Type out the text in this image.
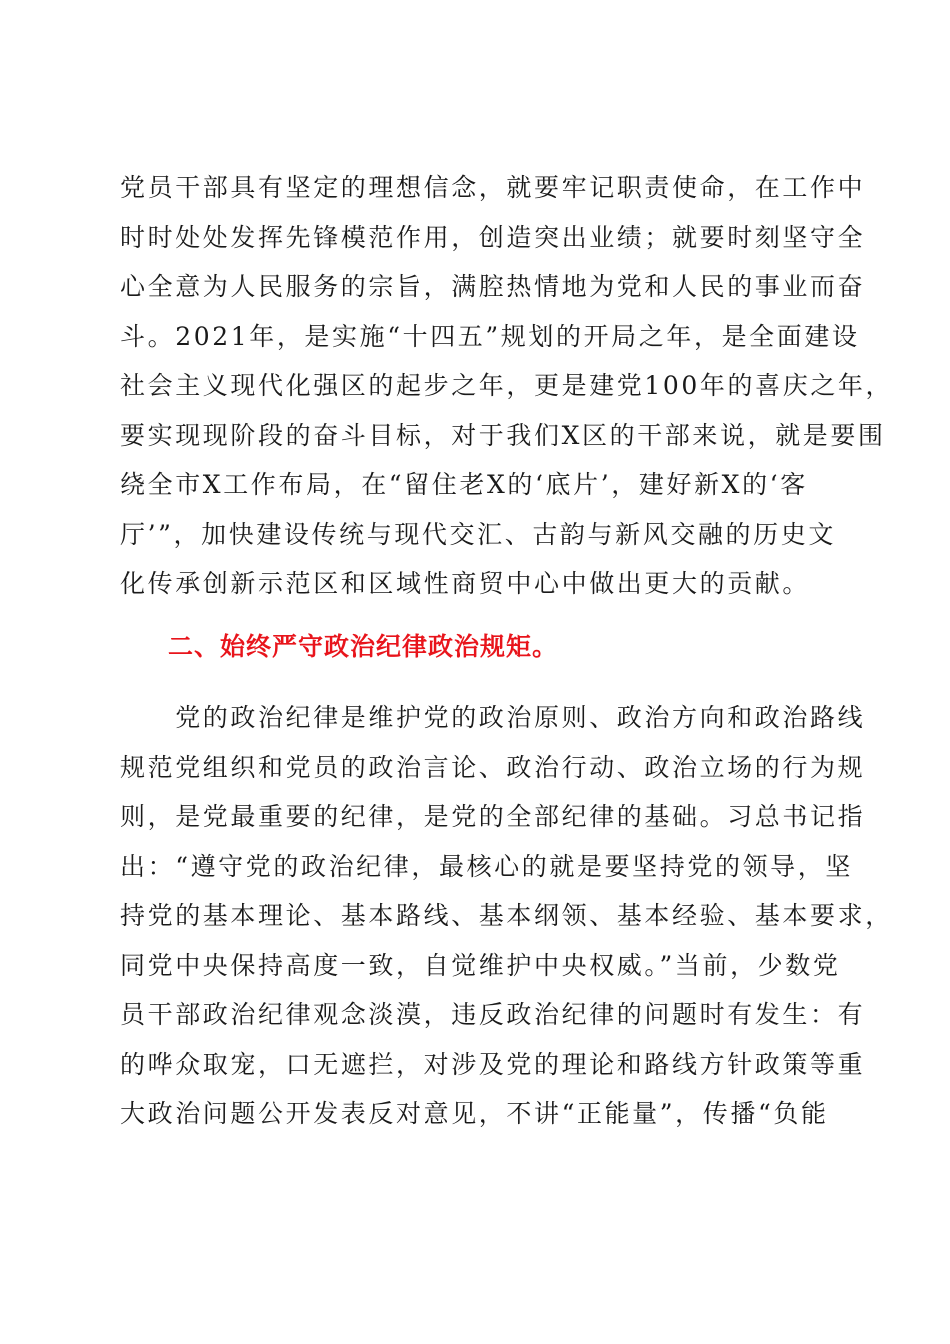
党员干部具有坚定的理想信念，就要牢记职责使命，在工作中
时时处处发挥先锋模范作用，创造突出业绩；就要时刻坚守全
心全意为人民服务的宗旨，满腔热情地为党和人民的事业而奋
斗。2021年，是实施“十四五”规划的开局之年，是全面建设
社会主义现代化强区的起步之年，更是建党100年的喜庆之年，
要实现现阶段的奋斗目标，对于我们X区的干部来说，就是要围
绕全市X工作布局，在“留住老X的‘底片’，建好新X的‘客
厅’”，加快建设传统与现代交汇、古韵与新风交融的历史文
化传承创新示范区和区域性商贸中心中做出更大的贡献。
二、始终严守政治纪律政治规矩。
　　党的政治纪律是维护党的政治原则、政治方向和政治路线
规范党组织和党员的政治言论、政治行动、政治立场的行为规
则，是党最重要的纪律，是党的全部纪律的基础。习总书记指
出：“遵守党的政治纪律，最核心的就是要坚持党的领导，坚
持党的基本理论、基本路线、基本纲领、基本经验、基本要求，
同党中央保持高度一致，自觉维护中央权威。”当前，少数党
员干部政治纪律观念淡漠，违反政治纪律的问题时有发生：有
的哗众取宠，口无遮拦，对涉及党的理论和路线方针政策等重
大政治问题公开发表反对意见，不讲“正能量”，传播“负能
